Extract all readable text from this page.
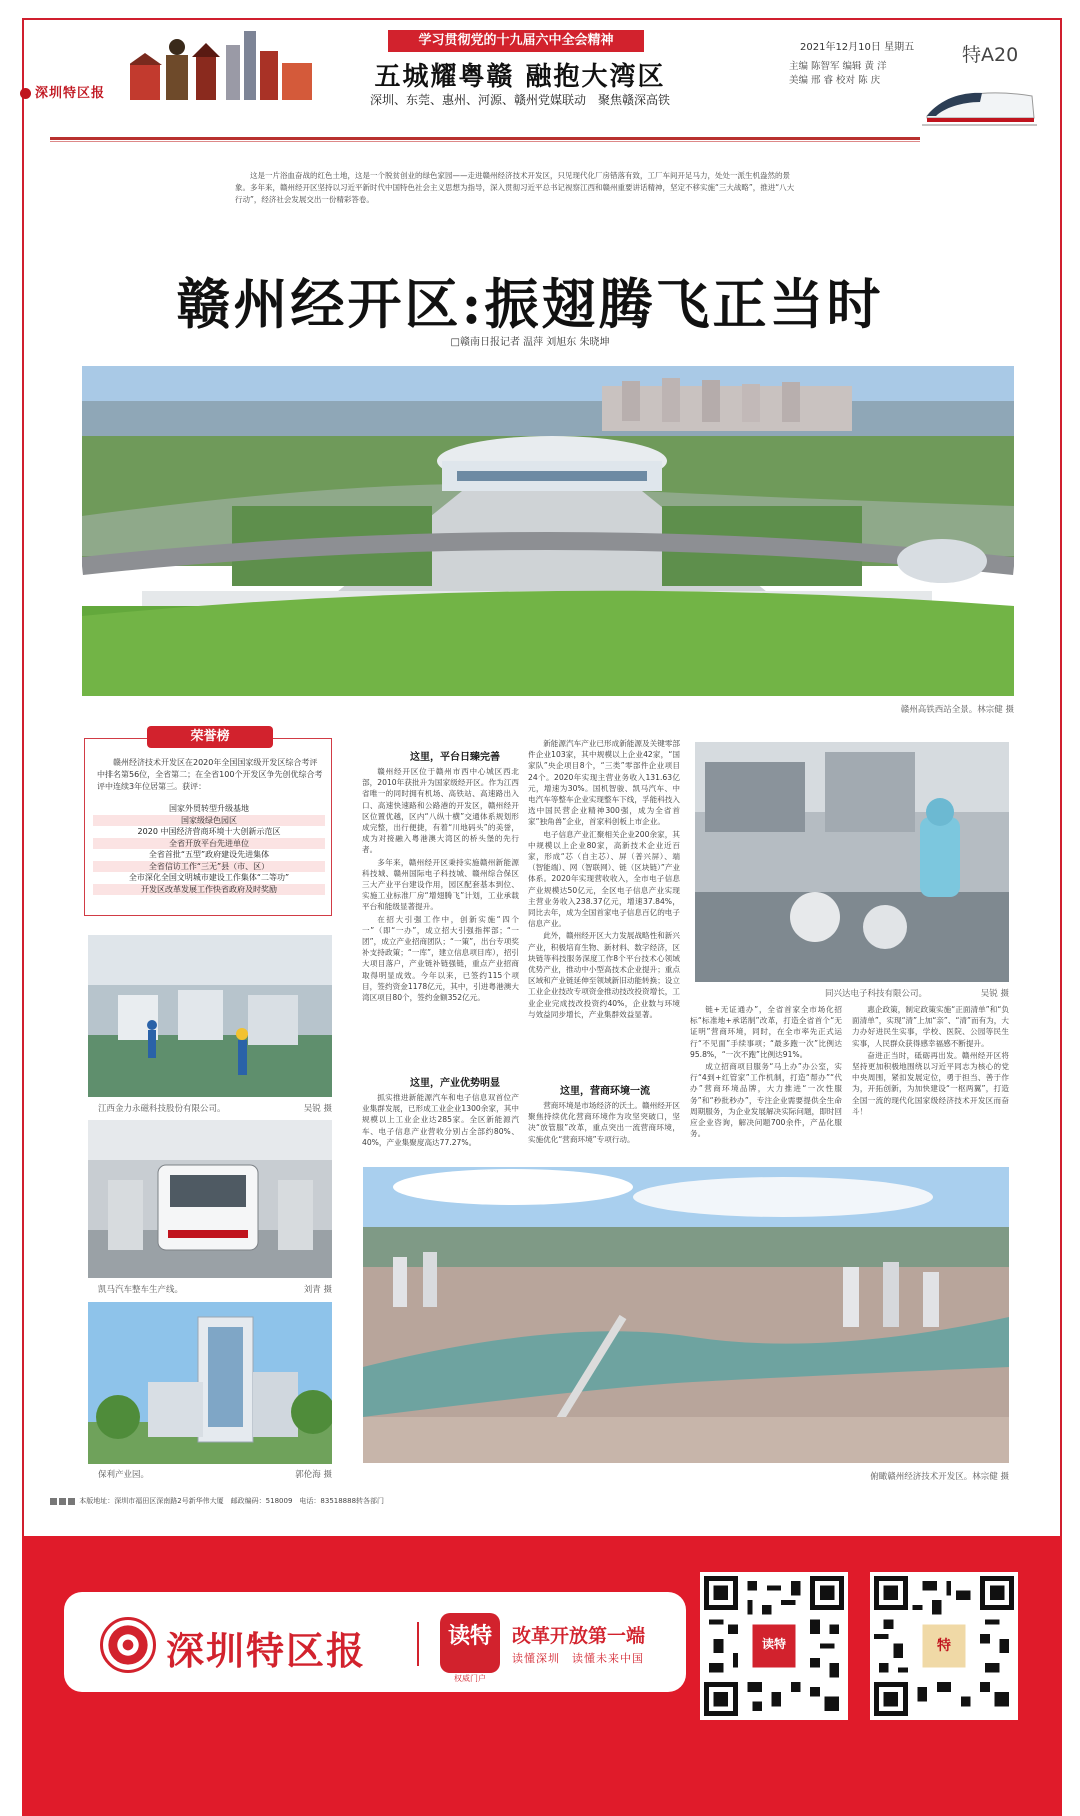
深圳特区报
学习贯彻党的十九届六中全会精神
五城耀粤赣 融抱大湾区
深圳、东莞、惠州、河源、赣州党媒联动　聚焦赣深高铁
2021年12月10日 星期五
主编 陈智军 编辑 黄 洋
美编 邢 睿 校对 陈 庆
特A20
这是一片浴血奋战的红色土地，这是一个脱贫创业的绿色家园——走进赣州经济技术开发区，只见现代化厂房错落有致，工厂车间开足马力，处处一派生机盎然的景象。多年来，赣州经开区坚持以习近平新时代中国特色社会主义思想为指导，深入贯彻习近平总书记视察江西和赣州重要讲话精神，坚定不移实施“三大战略”，推进“八大行动”，经济社会发展交出一份精彩答卷。
赣州经开区:振翅腾飞正当时
□赣南日报记者 温萍 刘旭东 朱晓坤
赣州高铁西站全景。林宗健 摄
荣誉榜
赣州经济技术开发区在2020年全国国家级开发区综合考评中排名第56位，全省第二；在全省100个开发区争先创优综合考评中连续3年位居第三。获评：
国家外贸转型升级基地
国家级绿色园区
2020 中国经济营商环境十大创新示范区
全省开放平台先进单位
全省首批“五型”政府建设先进集体
全省信访工作“三无”县（市、区）
全市深化全国文明城市建设工作集体“二等功”
开发区改革发展工作快省政府及时奖励
江西金力永磁科技股份有限公司。	吴锐 摄
凯马汽车整车生产线。	刘青 摄
保利产业园。	郭伦海 摄
这里，平台日臻完善

赣州经开区位于赣州市西中心城区西北部，2010年获批升为国家级经开区。作为江西省唯一的同时拥有机场、高铁站、高速路出入口、高速快速路和公路港的开发区，赣州经开区位置优越，区内“八纵十横”交通体系规划形成完整，出行便捷，有着“川地码头”的美誉，成为对接融入粤港澳大湾区的桥头堡的先行者。

多年来，赣州经开区秉持实施赣州新能源科技城、赣州国际电子科技城、赣州综合保区三大产业平台建设作用，园区配套基本到位、实施工业标准厂房“增翅腾飞”计划，工业承载平台和能级显著提升。

在招大引强工作中，创新实施“四个一”（即“一办”，成立招大引强指挥部；“一团”，成立产业招商团队；“一策”，出台专项奖补支持政策；“一库”，建立信息项目库），招引大项目落户，产业链补链强链，重点产业招商取得明显成效。今年以来，已签约115个项目，签约资金1178亿元，其中，引进粤港澳大湾区项目80个，签约金额352亿元。

这里，产业优势明显

抓实推进新能源汽车和电子信息双首位产业集群发展，已形成工业企业1300余家，其中规模以上工业企业达285家。全区新能源汽车、电子信息产业营收分别占全部约80%、40%，产业集聚度高达77.27%。

新能源汽车产业已形成新能源及关键零部件企业103家，其中规模以上企业42家，“国家队”央企项目8个，“三类”零部件企业项目24个。2020年实现主营业务收入131.63亿元，增速为30%。国机智骏、凯马汽车、中电汽车等整车企业实现整车下线，孚能科技入选中国民营企业精神300强，成为全省首家“独角兽”企业，首家科创板上市企业。

电子信息产业汇聚相关企业200余家，其中规模以上企业80家，高新技术企业近百家，形成“芯（自主芯）、屏（普兴屏）、端（智能端）、网（智联网）、链（区块链）”产业体系。2020年实现营收收入，全市电子信息产业规模达50亿元，全区电子信息产业实现主营业务收入238.37亿元，增速37.84%，同比去年，成为全国首家电子信息百亿的电子信息产业。

此外，赣州经开区大力发展战略性和新兴产业，积极培育生物、新材料、数字经济，区块链等科技服务深度工作8个平台技术心领域优势产业，推动中小型高技术企业提升；重点区域和产业链延伸至领域新旧动能转换；设立工业企业技改专项资金推动技改投资增长，工业企业完成技改投资约40%，企业数与环境与效益同步增长，产业集群效益显著。

这里，营商环境一流

营商环境是市场经济的沃土。赣州经开区聚焦持续优化营商环境作为攻坚突破口，坚决“放管服”改革，重点突出一流营商环境，实施优化“营商环境”专项行动。

同兴达电子科技有限公司。	吴锐 摄

链+无证通办”，全省首家全市场化招标“标准地+承诺制”改革，打造全省首个“无证明”营商环境，同时，在全市率先正式运行“不见面”手续事项；“最多跑一次”比例达95.8%，“一次不跑”比例达91%。

成立招商项目服务“马上办”办公室，实行“4到+红管家”工作机制，打造“帮办”“代办”营商环境品牌，大力推进“一次性服务”和“秒批秒办”，专注企业需要提供全生命周期服务，为企业发展解决实际问题，即时回应企业咨询，解决问题700余件，产品化服务。

惠企政策，制定政策实施“正面清单”和“负面清单”，实现“清”上加“亲”、“清”而有为，大力办好进民生实事，学校、医院、公园等民生实事，人民群众获得感幸福感不断提升。

奋进正当时，砥砺再出发。赣州经开区将坚持更加积极地围绕以习近平同志为核心的党中央周围，紧扣发展定位，勇于担当、善于作为，开拓创新，为加快建设“一枢两翼”，打造全国一流的现代化国家级经济技术开发区而奋斗！

俯瞰赣州经济技术开发区。林宗健 摄
本版地址：深圳市福田区深南路2号新华伟大厦　邮政编码：518009　电话：83518888转各部门
深圳特区报	读特
权威门户
改革开放第一端
读懂深圳　读懂未来中国
读特	特
